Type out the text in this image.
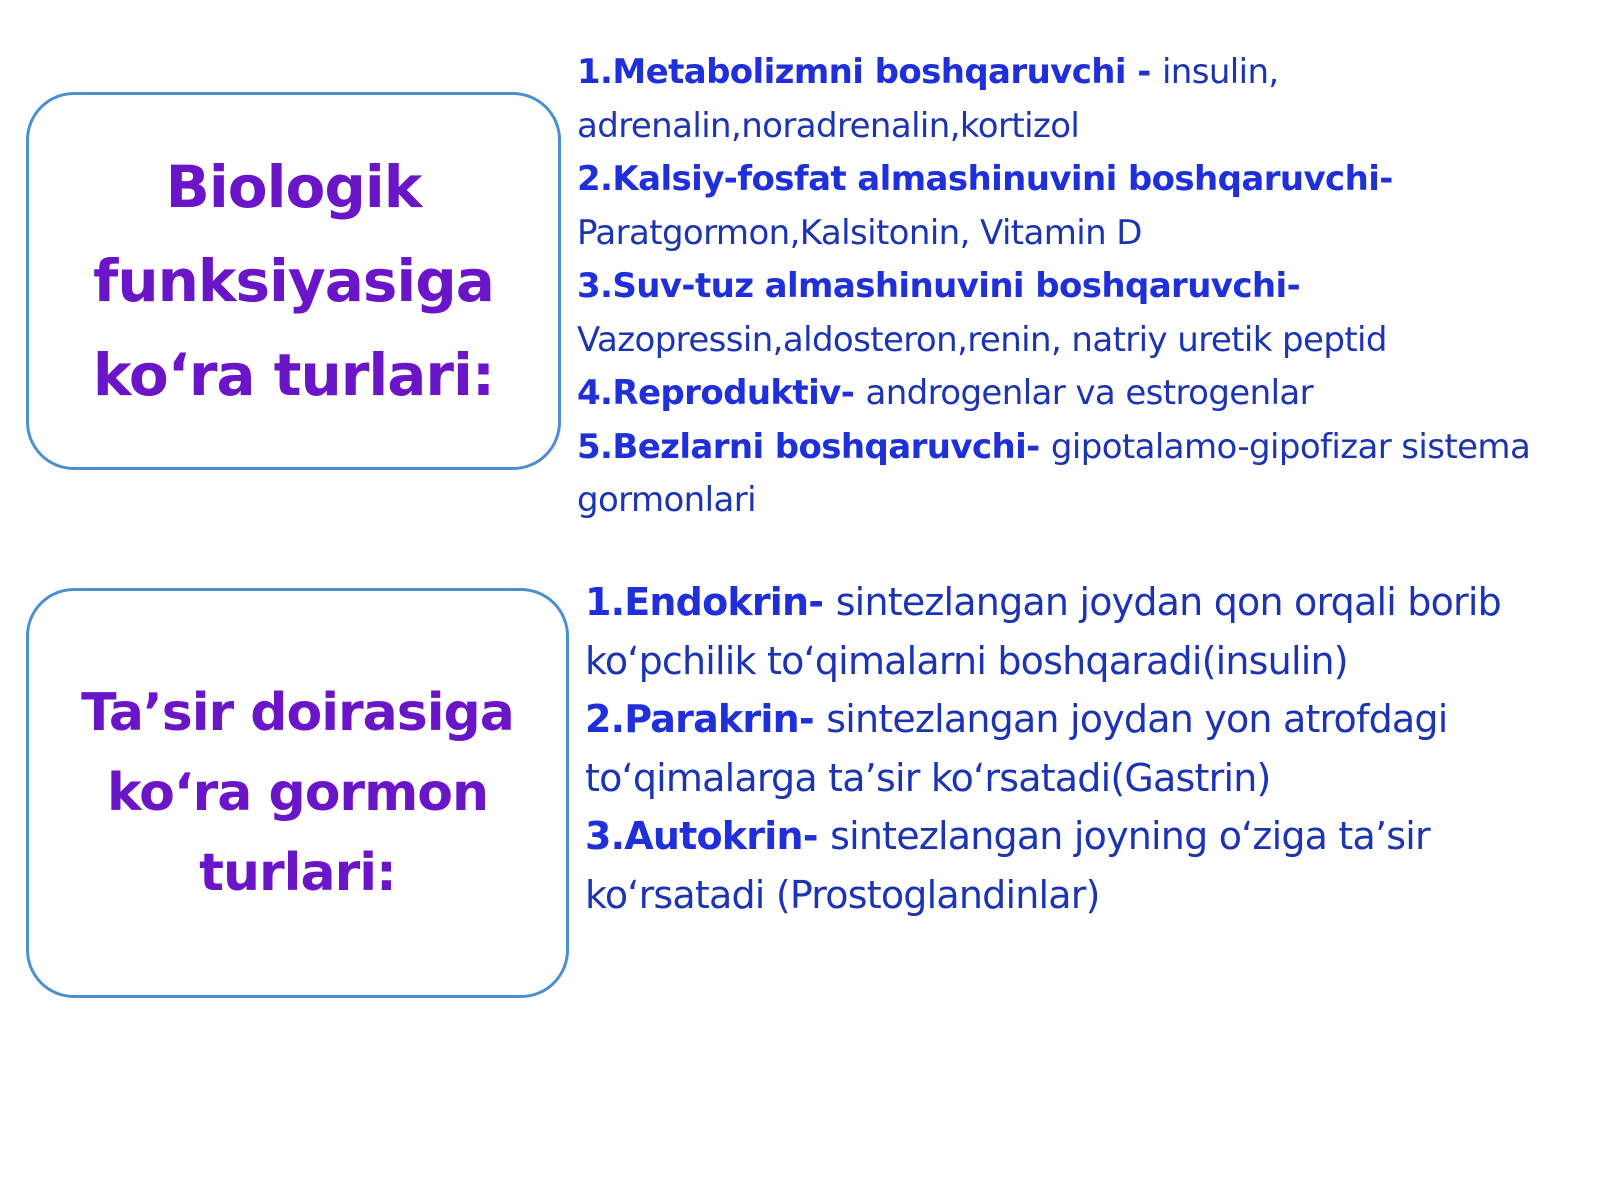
Biologik
funksiyasiga
ko‘ra turlari:

1.Metabolizmnі boshqaruvchi - insulin, adrenalin,noradrenalin,kortizol
2.Kalsiy-fosfat almashinuvini boshqaruvchi-Paratgormon,Kalsitonin, Vitamin D
3.Suv-tuz almashinuvini boshqaruvchi-Vazopressin,aldosteron,renin, natriy uretik peptid
4.Reproduktiv- androgenlar va estrogenlar
5.Bezlarni boshqaruvchi- gipotalamo-gipofizar sistema gormonlari

Ta’sir doirasiga
ko‘ra gormon
turlari:

1.Endokrin- sintezlangan joydan qon orqali borib ko‘pchilik to‘qimalarni boshqaradi(insulin)
2.Parakrin- sintezlangan joydan yon atrofdagi to‘qimalarga ta’sir ko‘rsatadi(Gastrin)
3.Autokrin- sintezlangan joyning o‘ziga ta’sir ko‘rsatadi (Prostoglandinlar)
